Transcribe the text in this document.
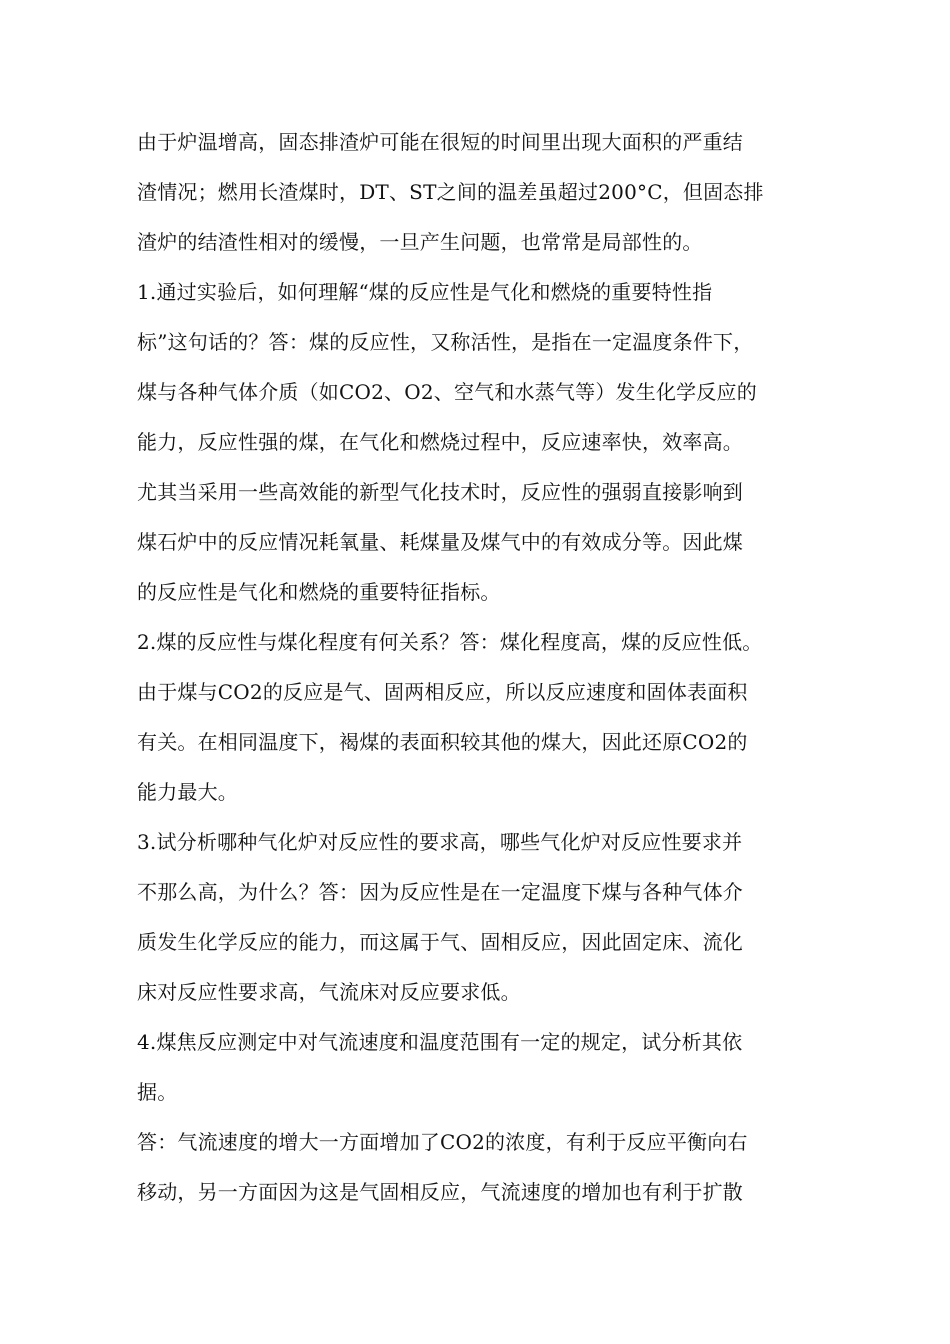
由于炉温增高，固态排渣炉可能在很短的时间里出现大面积的严重结
渣情况；燃用长渣煤时，DT、ST之间的温差虽超过200°C，但固态排
渣炉的结渣性相对的缓慢，一旦产生问题，也常常是局部性的。
1.通过实验后，如何理解“煤的反应性是气化和燃烧的重要特性指
标”这句话的？答：煤的反应性，又称活性，是指在一定温度条件下，
煤与各种气体介质（如CO2、O2、空气和水蒸气等）发生化学反应的
能力，反应性强的煤，在气化和燃烧过程中，反应速率快，效率高。
尤其当采用一些高效能的新型气化技术时，反应性的强弱直接影响到
煤石炉中的反应情况耗氧量、耗煤量及煤气中的有效成分等。因此煤
的反应性是气化和燃烧的重要特征指标。
2.煤的反应性与煤化程度有何关系？答：煤化程度高，煤的反应性低。
由于煤与CO2的反应是气、固两相反应，所以反应速度和固体表面积
有关。在相同温度下，褐煤的表面积较其他的煤大，因此还原CO2的
能力最大。
3.试分析哪种气化炉对反应性的要求高，哪些气化炉对反应性要求并
不那么高，为什么？答：因为反应性是在一定温度下煤与各种气体介
质发生化学反应的能力，而这属于气、固相反应，因此固定床、流化
床对反应性要求高，气流床对反应要求低。
4.煤焦反应测定中对气流速度和温度范围有一定的规定，试分析其依
据。
答：气流速度的增大一方面增加了CO2的浓度，有利于反应平衡向右
移动，另一方面因为这是气固相反应，气流速度的增加也有利于扩散
